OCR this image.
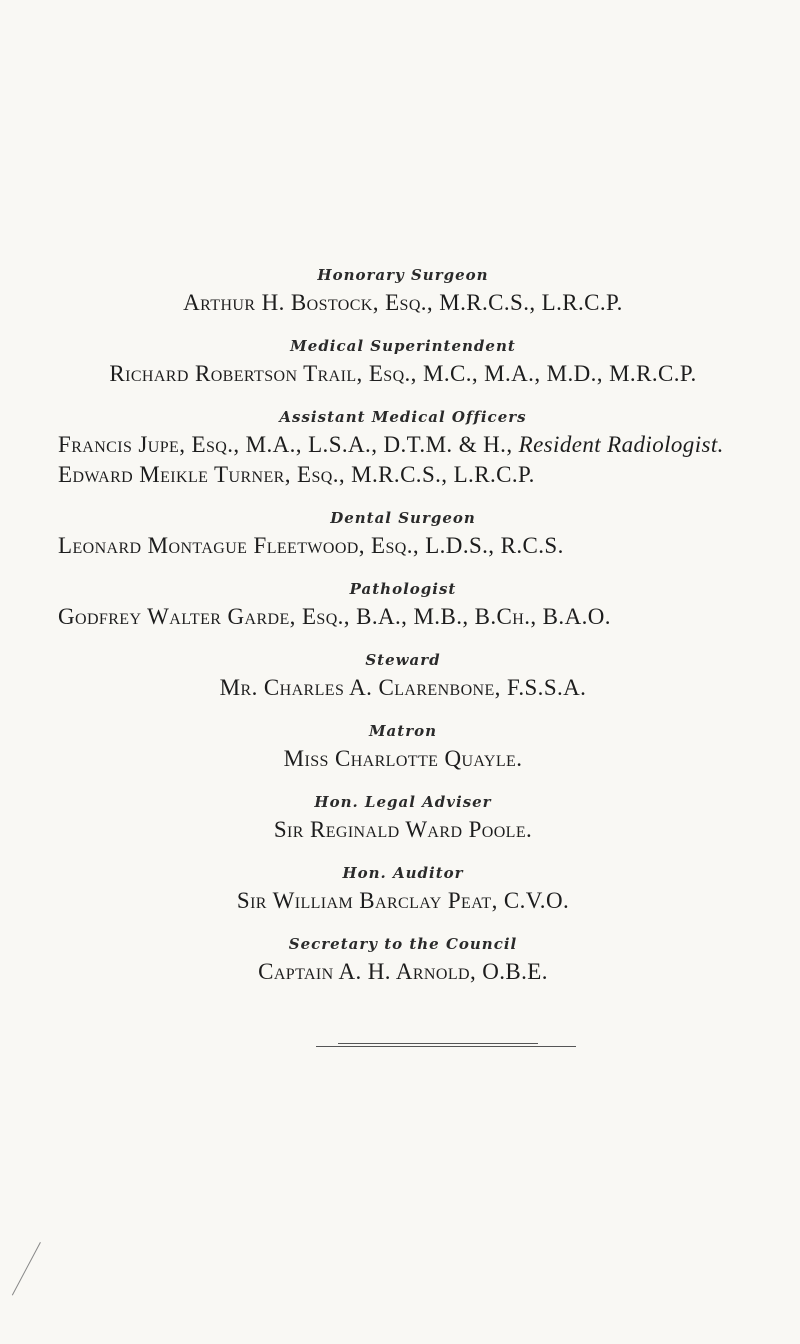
Honorary Surgeon
Arthur H. Bostock, Esq., M.R.C.S., L.R.C.P.
Medical Superintendent
Richard Robertson Trail, Esq., M.C., M.A., M.D., M.R.C.P.
Assistant Medical Officers
Francis Jupe, Esq., M.A., L.S.A., D.T.M. & H., Resident Radiologist.
Edward Meikle Turner, Esq., M.R.C.S., L.R.C.P.
Dental Surgeon
Leonard Montague Fleetwood, Esq., L.D.S., R.C.S.
Pathologist
Godfrey Walter Garde, Esq., B.A., M.B., B.Ch., B.A.O.
Steward
Mr. Charles A. Clarenbone, F.S.S.A.
Matron
Miss Charlotte Quayle.
Hon. Legal Adviser
Sir Reginald Ward Poole.
Hon. Auditor
Sir William Barclay Peat, C.V.O.
Secretary to the Council
Captain A. H. Arnold, O.B.E.
